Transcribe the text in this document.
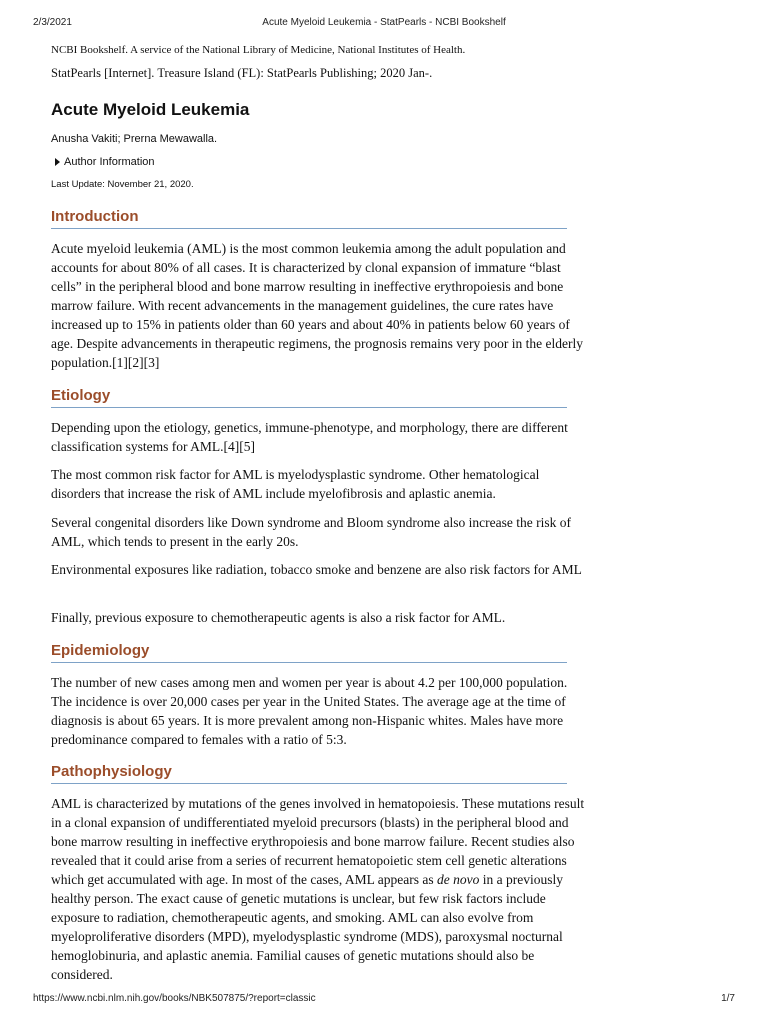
2/3/2021	Acute Myeloid Leukemia - StatPearls - NCBI Bookshelf
NCBI Bookshelf. A service of the National Library of Medicine, National Institutes of Health.
StatPearls [Internet]. Treasure Island (FL): StatPearls Publishing; 2020 Jan-.
Acute Myeloid Leukemia
Anusha Vakiti; Prerna Mewawalla.
Author Information
Last Update: November 21, 2020.
Introduction

Acute myeloid leukemia (AML) is the most common leukemia among the adult population and accounts for about 80% of all cases. It is characterized by clonal expansion of immature “blast cells” in the peripheral blood and bone marrow resulting in ineffective erythropoiesis and bone marrow failure. With recent advancements in the management guidelines, the cure rates have increased up to 15% in patients older than 60 years and about 40% in patients below 60 years of age. Despite advancements in therapeutic regimens, the prognosis remains very poor in the elderly population.[1][2][3]

Etiology

Depending upon the etiology, genetics, immune-phenotype, and morphology, there are different classification systems for AML.[4][5]

The most common risk factor for AML is myelodysplastic syndrome. Other hematological disorders that increase the risk of AML include myelofibrosis and aplastic anemia.

Several congenital disorders like Down syndrome and Bloom syndrome also increase the risk of AML, which tends to present in the early 20s.

Environmental exposures like radiation, tobacco smoke and benzene are also risk factors for AML

Finally, previous exposure to chemotherapeutic agents is also a risk factor for AML.

Epidemiology

The number of new cases among men and women per year is about 4.2 per 100,000 population. The incidence is over 20,000 cases per year in the United States. The average age at the time of diagnosis is about 65 years. It is more prevalent among non-Hispanic whites. Males have more predominance compared to females with a ratio of 5:3.

Pathophysiology

AML is characterized by mutations of the genes involved in hematopoiesis. These mutations result in a clonal expansion of undifferentiated myeloid precursors (blasts) in the peripheral blood and bone marrow resulting in ineffective erythropoiesis and bone marrow failure. Recent studies also revealed that it could arise from a series of recurrent hematopoietic stem cell genetic alterations which get accumulated with age. In most of the cases, AML appears as de novo in a previously healthy person. The exact cause of genetic mutations is unclear, but few risk factors include exposure to radiation, chemotherapeutic agents, and smoking. AML can also evolve from myeloproliferative disorders (MPD), myelodysplastic syndrome (MDS), paroxysmal nocturnal hemoglobinuria, and aplastic anemia. Familial causes of genetic mutations should also be considered.

https://www.ncbi.nlm.nih.gov/books/NBK507875/?report=classic	1/7
